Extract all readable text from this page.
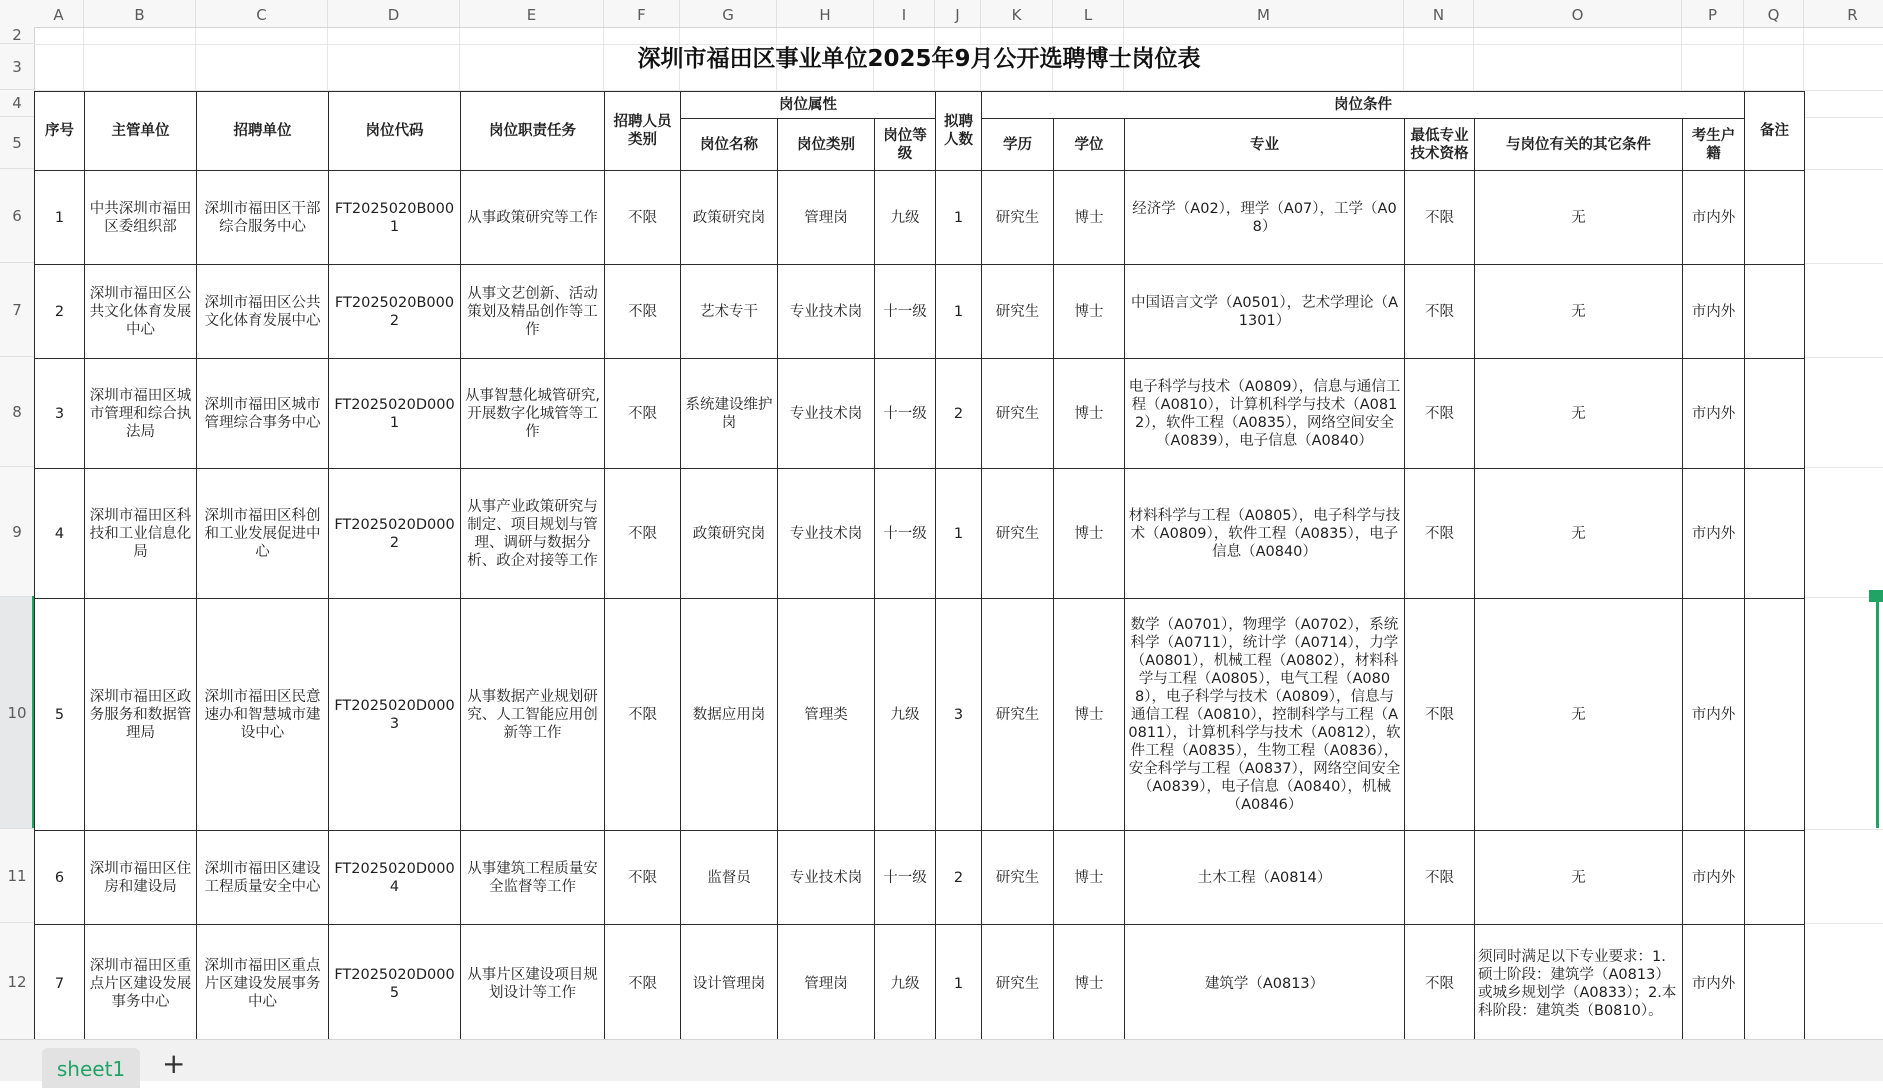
A	B	C	D	E	F	G	H	I	J	K	L	M	N	O	P	Q	R
2
3
4
5
6
7
8
9
10
11
12
深圳市福田区事业单位2025年9月公开选聘博士岗位表
序号	主管单位	招聘单位	岗位代码	岗位职责任务	招聘人员类别	岗位属性			拟聘人数	岗位条件						备注
						岗位名称	岗位类别	岗位等级		学历	学位	专业	最低专业技术资格	与岗位有关的其它条件	考生户籍	
1	中共深圳市福田区委组织部	深圳市福田区干部综合服务中心	FT2025020B0001	从事政策研究等工作	不限	政策研究岗	管理岗	九级	1	研究生	博士	经济学（A02），理学（A07），工学（A08）	不限	无	市内外	
2	深圳市福田区公共文化体育发展中心	深圳市福田区公共文化体育发展中心	FT2025020B0002	从事文艺创新、活动策划及精品创作等工作	不限	艺术专干	专业技术岗	十一级	1	研究生	博士	中国语言文学（A0501），艺术学理论（A1301）	不限	无	市内外	
3	深圳市福田区城市管理和综合执法局	深圳市福田区城市管理综合事务中心	FT2025020D0001	从事智慧化城管研究,开展数字化城管等工作	不限	系统建设维护岗	专业技术岗	十一级	2	研究生	博士	电子科学与技术（A0809），信息与通信工程（A0810），计算机科学与技术（A0812），软件工程（A0835），网络空间安全（A0839），电子信息（A0840）	不限	无	市内外	
4	深圳市福田区科技和工业信息化局	深圳市福田区科创和工业发展促进中心	FT2025020D0002	从事产业政策研究与制定、项目规划与管理、调研与数据分析、政企对接等工作	不限	政策研究岗	专业技术岗	十一级	1	研究生	博士	材料科学与工程（A0805），电子科学与技术（A0809），软件工程（A0835），电子信息（A0840）	不限	无	市内外	
5	深圳市福田区政务服务和数据管理局	深圳市福田区民意速办和智慧城市建设中心	FT2025020D0003	从事数据产业规划研究、人工智能应用创新等工作	不限	数据应用岗	管理类	九级	3	研究生	博士	数学（A0701），物理学（A0702），系统科学（A0711），统计学（A0714），力学（A0801），机械工程（A0802），材料科学与工程（A0805），电气工程（A0808），电子科学与技术（A0809），信息与通信工程（A0810），控制科学与工程（A0811），计算机科学与技术（A0812），软件工程（A0835），生物工程（A0836），安全科学与工程（A0837），网络空间安全（A0839），电子信息（A0840），机械（A0846）	不限	无	市内外	
6	深圳市福田区住房和建设局	深圳市福田区建设工程质量安全中心	FT2025020D0004	从事建筑工程质量安全监督等工作	不限	监督员	专业技术岗	十一级	2	研究生	博士	土木工程（A0814）	不限	无	市内外	
7	深圳市福田区重点片区建设发展事务中心	深圳市福田区重点片区建设发展事务中心	FT2025020D0005	从事片区建设项目规划设计等工作	不限	设计管理岗	管理岗	九级	1	研究生	博士	建筑学（A0813）	不限	须同时满足以下专业要求：1.硕士阶段：建筑学（A0813）或城乡规划学（A0833）；2.本科阶段：建筑类（B0810）。	市内外	
sheet1	+
